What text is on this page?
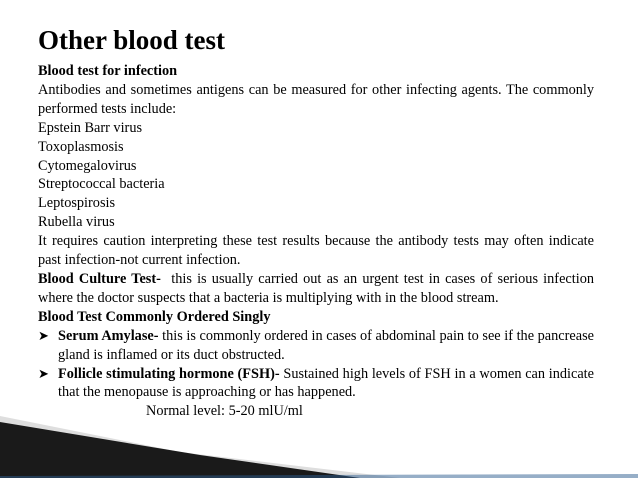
Other blood test

Blood test for infection

Antibodies and sometimes antigens can be measured for other infecting agents. The commonly performed tests include:

Epstein Barr virus

Toxoplasmosis

Cytomegalovirus

Streptococcal bacteria

Leptospirosis

Rubella virus

It requires caution interpreting these test results because the antibody tests may often indicate past infection-not current infection.

Blood Culture Test-  this is usually carried out as an urgent test in cases of serious infection where the doctor suspects that a bacteria is multiplying with in the blood stream.

Blood Test Commonly Ordered Singly

➤ Serum Amylase- this is commonly ordered in cases of abdominal pain to see if the pancrease gland is inflamed or its duct obstructed.
➤ Follicle stimulating hormone (FSH)- Sustained high levels of FSH in a women can indicate that the menopause is approaching or has happened.

Normal level: 5-20 mlU/ml
